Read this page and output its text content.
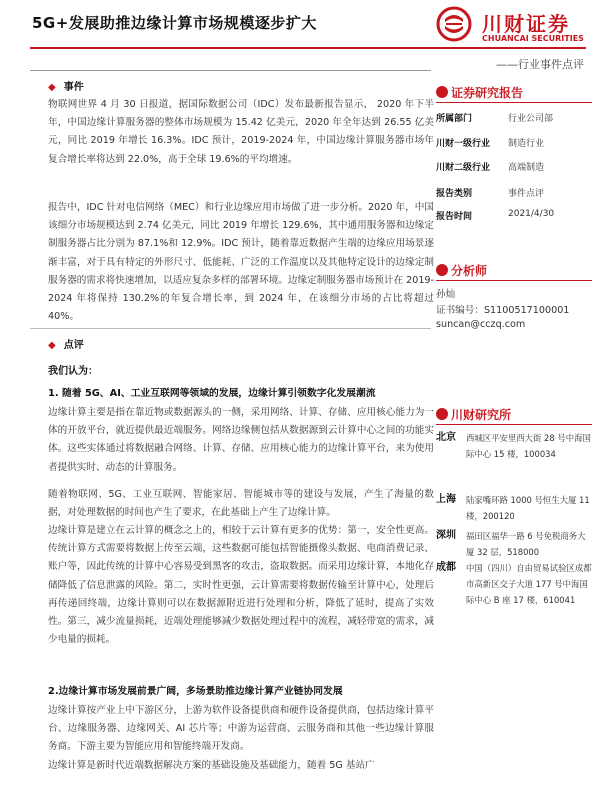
5G+发展助推边缘计算市场规模逐步扩大	川财证券
CHUANCAI SECURITIES
——行业事件点评
◆ 事件
物联网世界 4 月 30 日报道，据国际数据公司（IDC）发布最新报告显示， 2020 年下半年，中国边缘计算服务器的整体市场规模为 15.42 亿美元，2020 年全年达到 26.55 亿美元，同比 2019 年增长 16.3%。IDC 预计，2019-2024 年，中国边缘计算服务器市场年复合增长率将达到 22.0%，高于全球 19.6%的平均增速。
报告中，IDC 针对电信网络（MEC）和行业边缘应用市场做了进一步分析。2020 年，中国该细分市场规模达到 2.74 亿美元，同比 2019 年增长 129.6%，其中通用服务器和边缘定制服务器占比分别为 87.1%和 12.9%。IDC 预计，随着靠近数据产生端的边缘应用场景逐渐丰富，对于具有特定的外形尺寸、低能耗、广泛的工作温度以及其他特定设计的边缘定制服务器的需求将快速增加，以适应复杂多样的部署环境。边缘定制服务器市场预计在 2019-2024 年将保持 130.2%的年复合增长率，到 2024 年，在该细分市场的占比将超过 40%。
◆ 点评
我们认为：
1. 随着 5G、AI、工业互联网等领域的发展，边缘计算引领数字化发展潮流
边缘计算主要是指在靠近物或数据源头的一侧，采用网络、计算、存储、应用核心能力为一体的开放平台，就近提供最近端服务。网络边缘侧包括从数据源到云计算中心之间的功能实体。这些实体通过将数据融合网络、计算、存储、应用核心能力的边缘计算平台，来为使用者提供实时、动态的计算服务。
随着物联网、5G、工业互联网、智能家居、智能城市等的建设与发展，产生了海量的数据，对处理数据的时间也产生了要求，在此基础上产生了边缘计算。
边缘计算是建立在云计算的概念之上的，相较于云计算有更多的优势：第一，安全性更高。传统计算方式需要将数据上传至云端，这些数据可能包括智能摄像头数据、电商消费记录、账户等，因此传统的计算中心容易受到黑客的攻击，盗取数据。而采用边缘计算，本地化存储降低了信息泄露的风险。第二，实时性更强，云计算需要将数据传输至计算中心，处理后再传递回终端，边缘计算则可以在数据源附近进行处理和分析，降低了延时，提高了实效性。第三，减少流量损耗，近端处理能够减少数据处理过程中的流程，减轻带宽的需求，减少电量的损耗。
2.边缘计算市场发展前景广阔，多场景助推边缘计算产业链协同发展
边缘计算按产业上中下游区分，上游为软件设备提供商和硬件设备提供商，包括边缘计算平台、边缘服务器、边缘网关、AI 芯片等；中游为运营商、云服务商和其他一些边缘计算服务商。下游主要为智能应用和智能终端开发商。
边缘计算是新时代近端数据解决方案的基础设施及基础能力，随着 5G 基站广
证券研究报告
所属部门	行业公司部
川财一级行业 制造行业
川财二级行业 高端制造
报告类别	事件点评
报告时间	2021/4/30
分析师
孙灿
证书编号：S1100517100001
suncan@cczq.com
川财研究所
北京 西城区平安里西大街 28 号中海国际中心 15 楼，100034
上海 陆家嘴环路 1000 号恒生大厦 11 楼，200120
深圳 福田区福华一路 6 号免税商务大厦 32 层，518000
成都 中国（四川）自由贸易试验区成都市高新区交子大道 177 号中海国际中心 B 座 17 楼，610041
